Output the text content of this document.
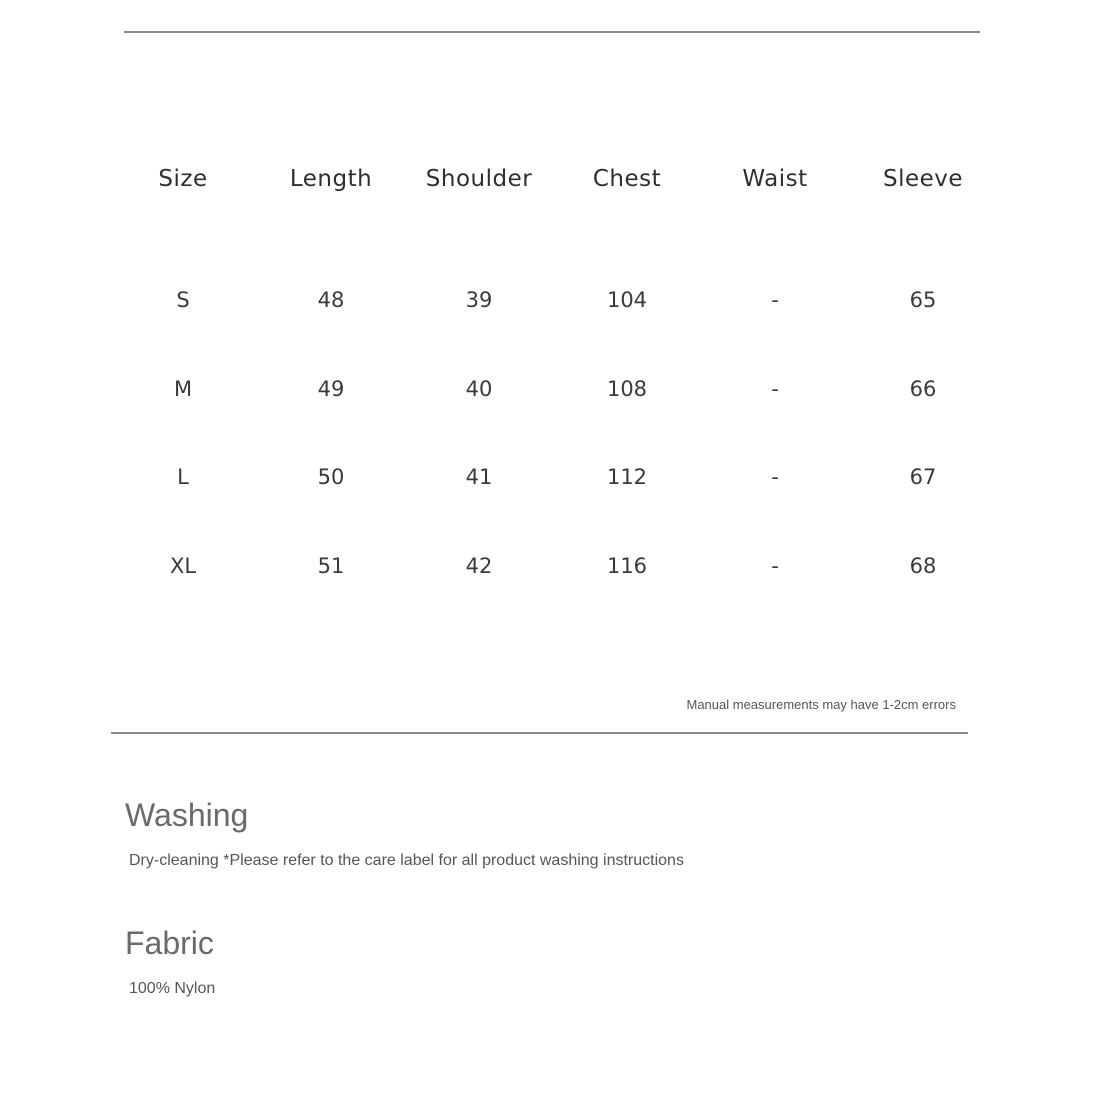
Size	Length	Shoulder	Chest	Waist	Sleeve
S	48	39	104	-	65
M	49	40	108	-	66
L	50	41	112	-	67
XL	51	42	116	-	68
Manual measurements may have 1-2cm errors
Washing
Dry-cleaning *Please refer to the care label for all product washing instructions
Fabric
100% Nylon
